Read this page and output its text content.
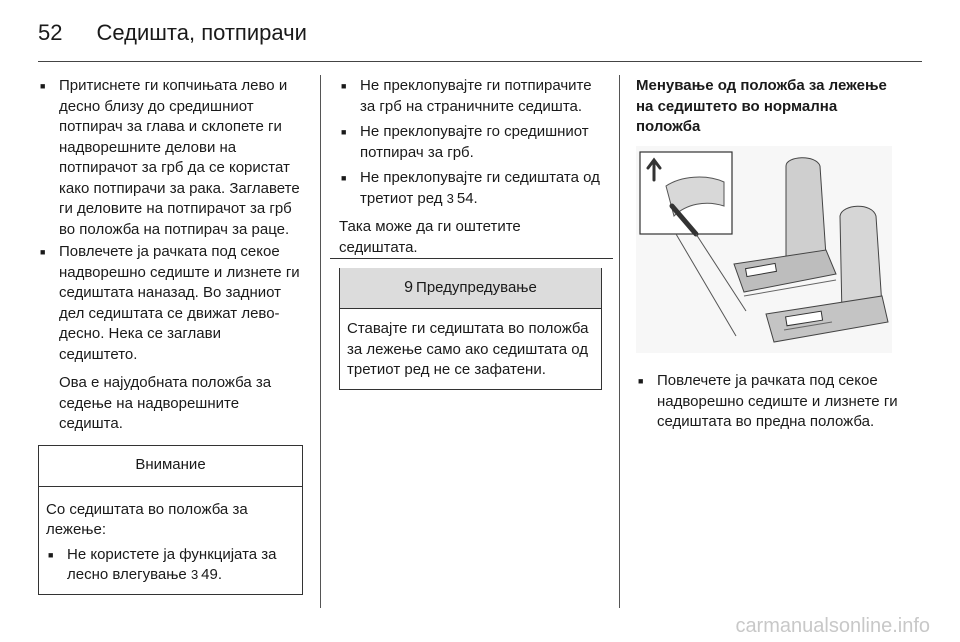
52 Седишта, потпирачи

■ Притиснете ги копчињата лево и десно близу до средишниот потпирач за глава и склопете ги надворешните делови на потпирачот за грб да се користат како потпирачи за рака. Заглавете ги деловите на потпирачот за грб во положба на потпирач за раце.

■ Повлечете ја рачката под секое надворешно седиште и лизнете ги седиштата наназад. Во задниот дел седиштата се движат лево-десно. Нека се заглави седиштето.

Ова е најудобната положба за седење на надворешните седишта.

Внимание

Со седиштата во положба за лежење:

■ Не користете ја функцијата за лесно влегување 3 49.

■ Не преклопувајте ги потпирачите за грб на страничните седишта.

■ Не преклопувајте го средишниот потпирач за грб.

■ Не преклопувајте ги седиштата од третиот ред 3 54.

Така може да ги оштетите седиштата.

9 Предупредување

Ставајте ги седиштата во положба за лежење само ако седиштата од третиот ред не се зафатени.

Менување од положба за лежење на седиштето во нормална положба

■ Повлечете ја рачката под секое надворешно седиште и лизнете ги седиштата во предна положба.

carmanualsonline.info
